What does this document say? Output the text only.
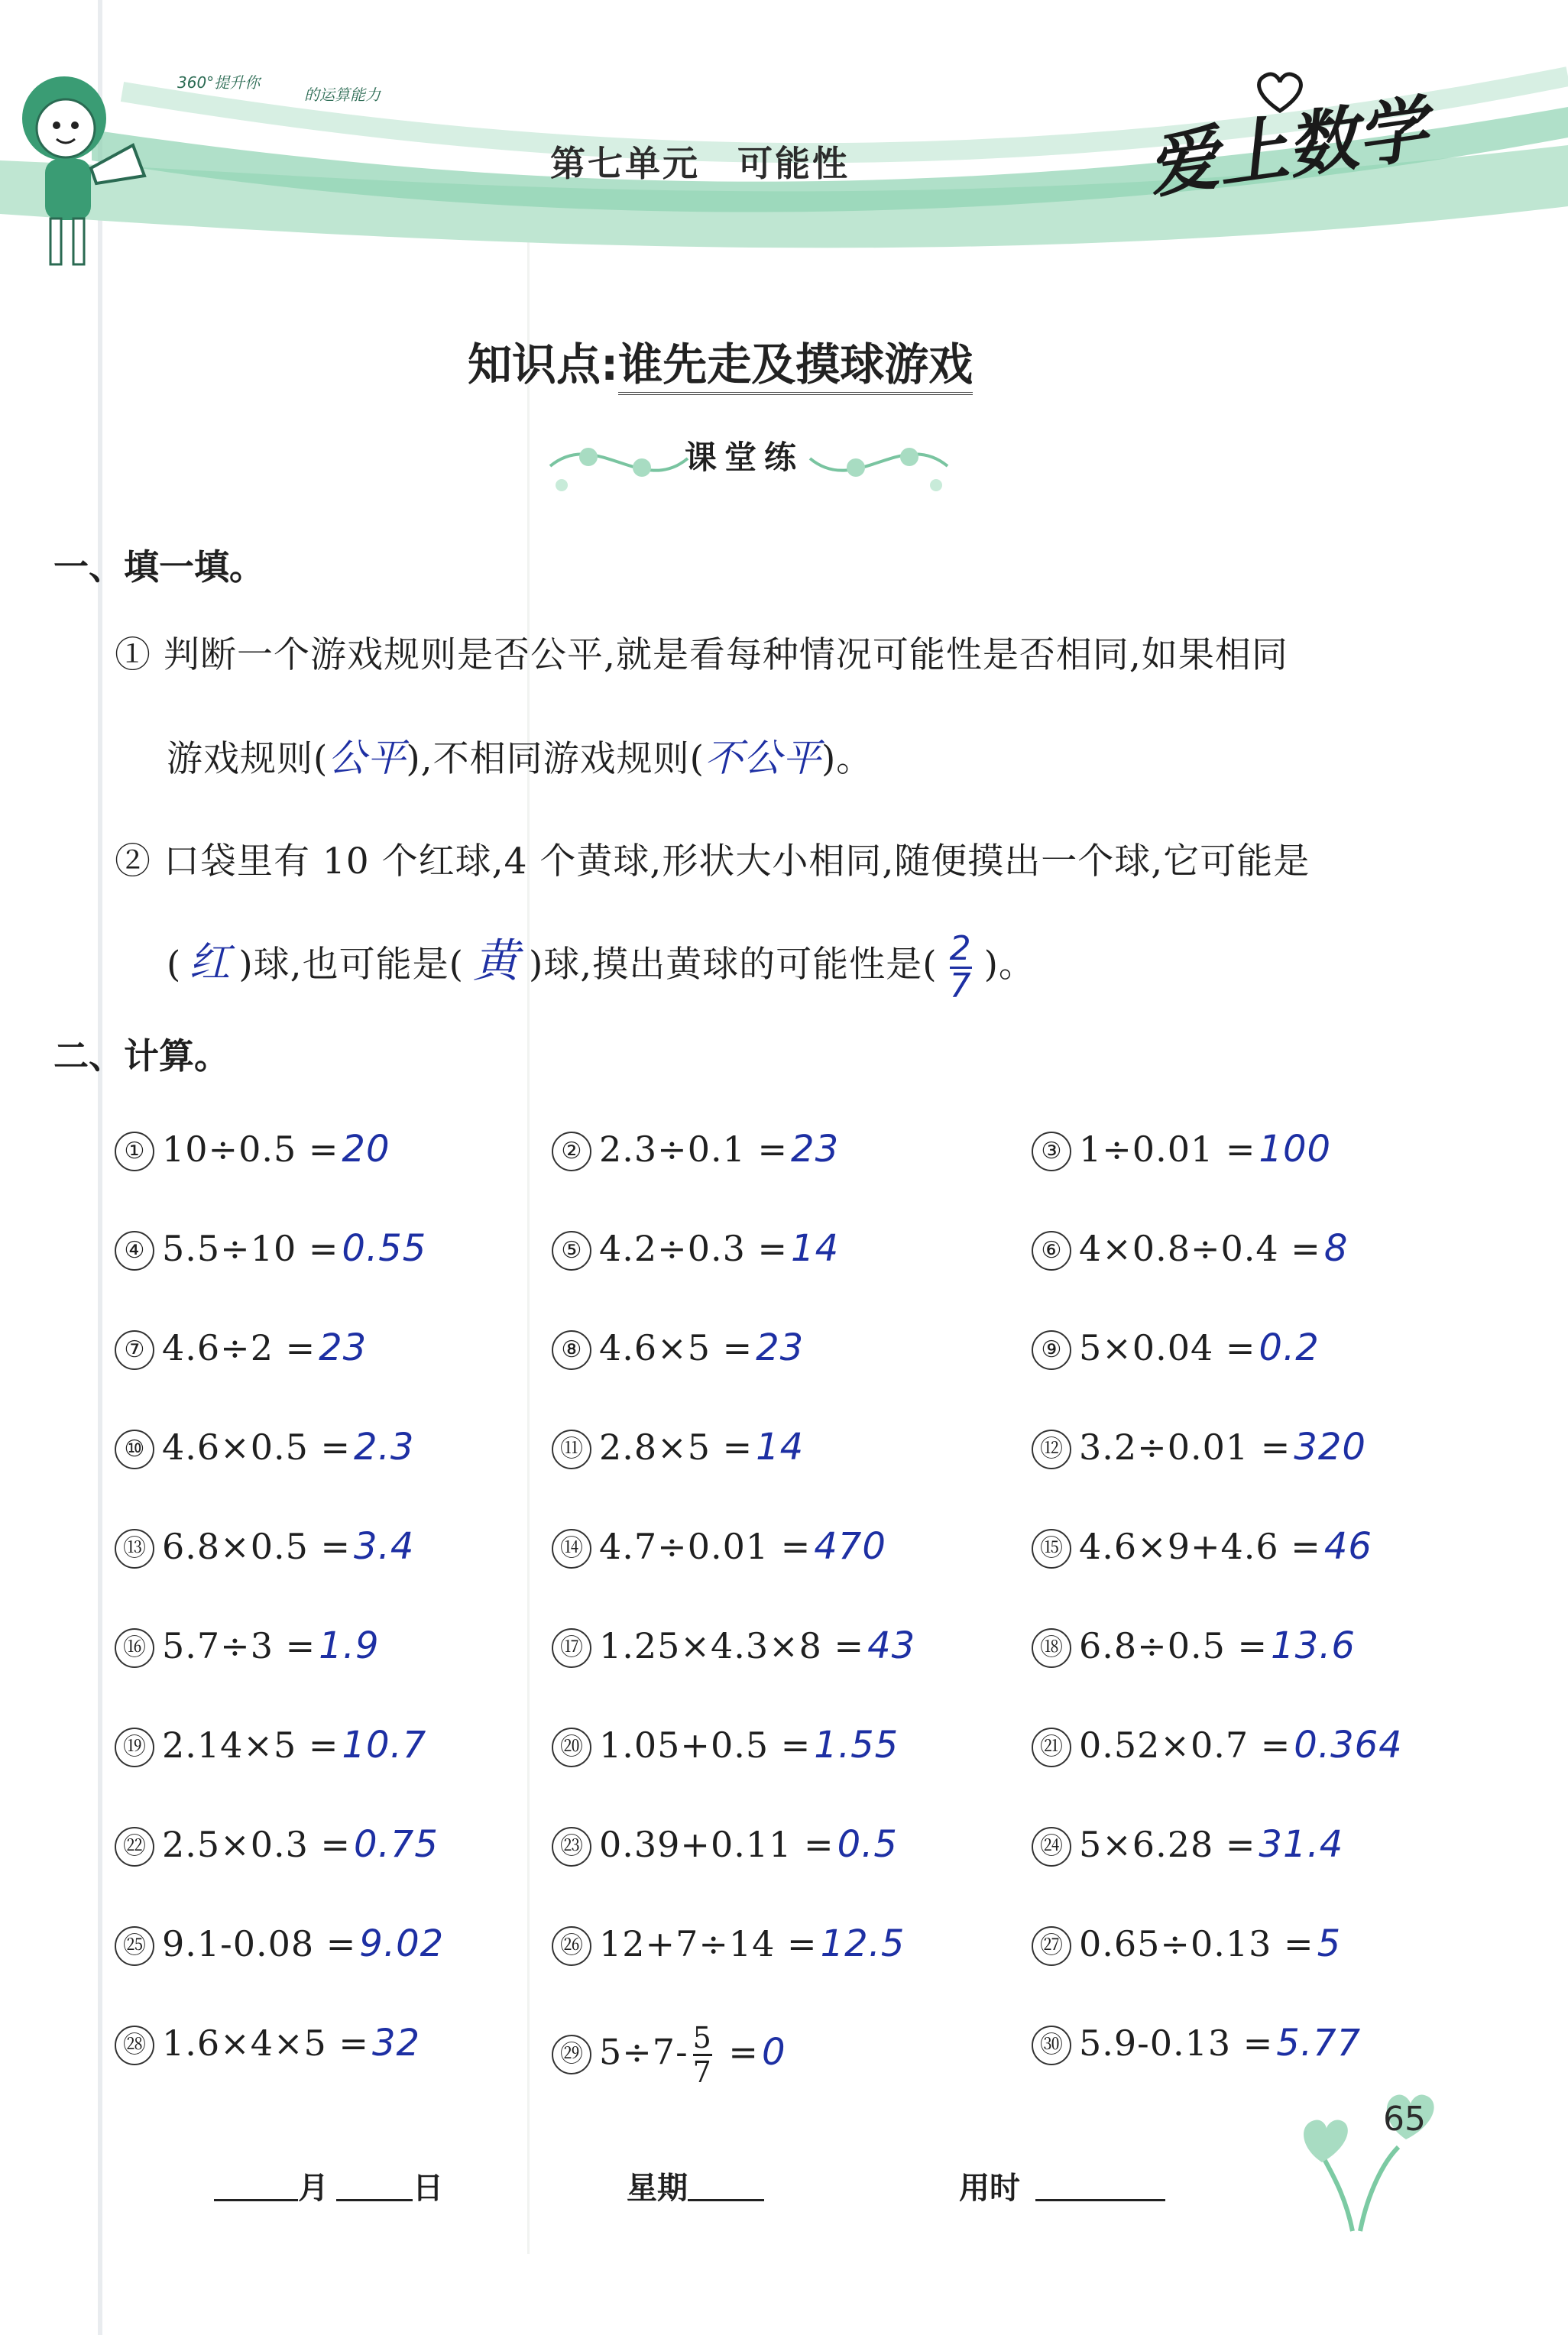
360°提升你
的运算能力
第七单元　可能性	爱上数学
知识点:谁先走及摸球游戏
课堂练
一、填一填。
① 判断一个游戏规则是否公平,就是看每种情况可能性是否相同,如果相同
游戏规则(公平),不相同游戏规则(不公平)。
② 口袋里有 10 个红球,4 个黄球,形状大小相同,随便摸出一个球,它可能是
( 红 )球,也可能是( 黄 )球,摸出黄球的可能性是( $\frac{2}{7}$ )。
二、计算。
① 10÷0.5 =20	② 2.3÷0.1 =23	③ 1÷0.01 =100
④ 5.5÷10 =0.55	⑤ 4.2÷0.3 =14	⑥ 4×0.8÷0.4 =8
⑦ 4.6÷2 =23	⑧ 4.6×5 =23	⑨ 5×0.04 =0.2
⑩ 4.6×0.5 =2.3	⑪ 2.8×5 =14	⑫ 3.2÷0.01 =320
⑬ 6.8×0.5 =3.4	⑭ 4.7÷0.01 =470	⑮ 4.6×9+4.6 =46
⑯ 5.7÷3 =1.9	⑰ 1.25×4.3×8 =43	⑱ 6.8÷0.5 =13.6
⑲ 2.14×5 =10.7	⑳ 1.05+0.5 =1.55	㉑ 0.52×0.7 =0.364
㉒ 2.5×0.3 =0.75	㉓ 0.39+0.11 =0.5	㉔ 5×6.28 =31.4
㉕ 9.1-0.08 =9.02	㉖ 12+7÷14 =12.5	㉗ 0.65÷0.13 =5
㉘ 1.6×4×5 =32	㉙ $5\div 7- \frac{5}{7} =0$	㉚ 5.9-0.13 =5.77
月	日	星期	用时
65
